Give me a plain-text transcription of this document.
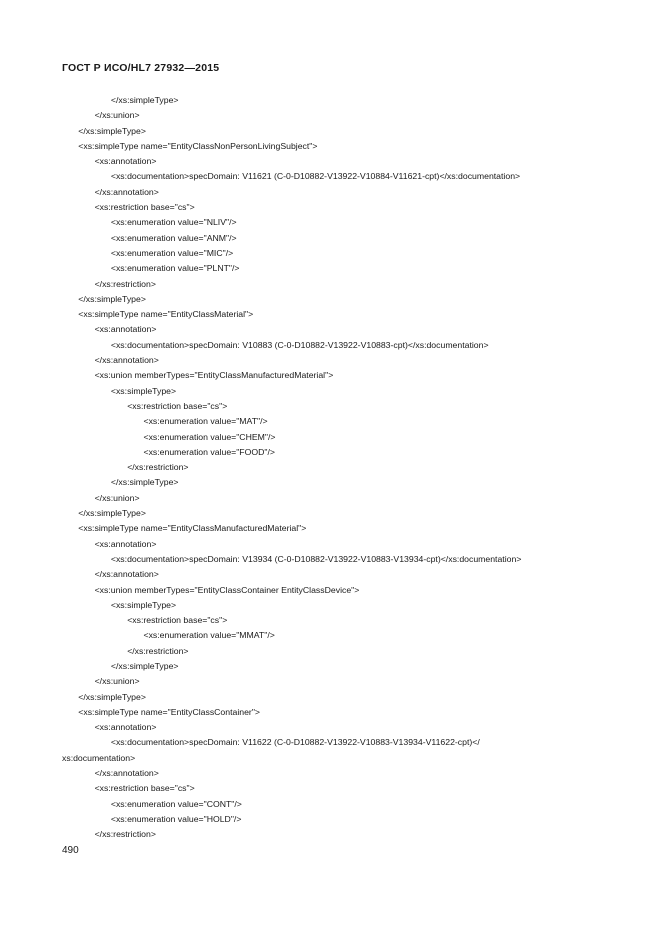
ГОСТ Р ИСО/HL7 27932—2015
</xs:simpleType>
</xs:union>
</xs:simpleType>
<xs:simpleType name="EntityClassNonPersonLivingSubject">
<xs:annotation>
<xs:documentation>specDomain: V11621 (C-0-D10882-V13922-V10884-V11621-cpt)</xs:documentation>
</xs:annotation>
<xs:restriction base="cs">
<xs:enumeration value="NLIV"/>
<xs:enumeration value="ANM"/>
<xs:enumeration value="MIC"/>
<xs:enumeration value="PLNT"/>
</xs:restriction>
</xs:simpleType>
<xs:simpleType name="EntityClassMaterial">
<xs:annotation>
<xs:documentation>specDomain: V10883 (C-0-D10882-V13922-V10883-cpt)</xs:documentation>
</xs:annotation>
<xs:union memberTypes="EntityClassManufacturedMaterial">
<xs:simpleType>
<xs:restriction base="cs">
<xs:enumeration value="MAT"/>
<xs:enumeration value="CHEM"/>
<xs:enumeration value="FOOD"/>
</xs:restriction>
</xs:simpleType>
</xs:union>
</xs:simpleType>
<xs:simpleType name="EntityClassManufacturedMaterial">
<xs:annotation>
<xs:documentation>specDomain: V13934 (C-0-D10882-V13922-V10883-V13934-cpt)</xs:documentation>
</xs:annotation>
<xs:union memberTypes="EntityClassContainer EntityClassDevice">
<xs:simpleType>
<xs:restriction base="cs">
<xs:enumeration value="MMAT"/>
</xs:restriction>
</xs:simpleType>
</xs:union>
</xs:simpleType>
<xs:simpleType name="EntityClassContainer">
<xs:annotation>
<xs:documentation>specDomain: V11622 (C-0-D10882-V13922-V10883-V13934-V11622-cpt)</
xs:documentation>
</xs:annotation>
<xs:restriction base="cs">
<xs:enumeration value="CONT"/>
<xs:enumeration value="HOLD"/>
</xs:restriction>
490
